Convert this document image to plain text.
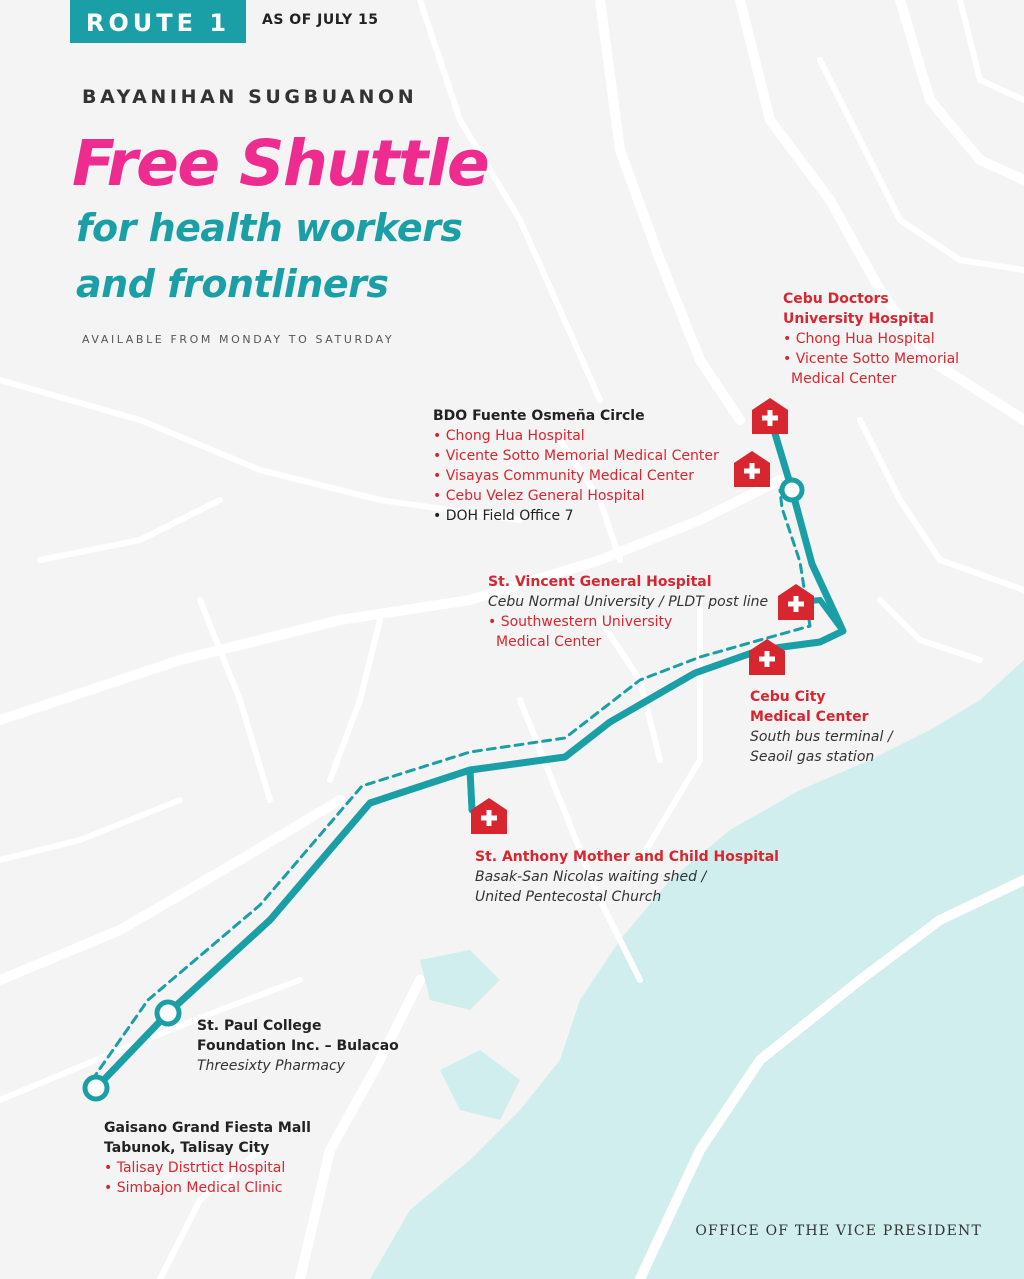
ROUTE 1	AS OF JULY 15
BAYANIHAN SUGBUANON
Free Shuttle
for health workers
and frontliners
AVAILABLE FROM MONDAY TO SATURDAY
Cebu Doctors
University Hospital
• Chong Hua Hospital
• Vicente Sotto Memorial
Medical Center
BDO Fuente Osmeña Circle
• Chong Hua Hospital
• Vicente Sotto Memorial Medical Center
• Visayas Community Medical Center
• Cebu Velez General Hospital
• DOH Field Office 7
St. Vincent General Hospital
Cebu Normal University / PLDT post line
• Southwestern University
Medical Center
Cebu City
Medical Center
South bus terminal /
Seaoil gas station
St. Anthony Mother and Child Hospital
Basak-San Nicolas waiting shed /
United Pentecostal Church
St. Paul College
Foundation Inc. – Bulacao
Threesixty Pharmacy
Gaisano Grand Fiesta Mall
Tabunok, Talisay City
• Talisay Distrtict Hospital
• Simbajon Medical Clinic
OFFICE OF THE VICE PRESIDENT
